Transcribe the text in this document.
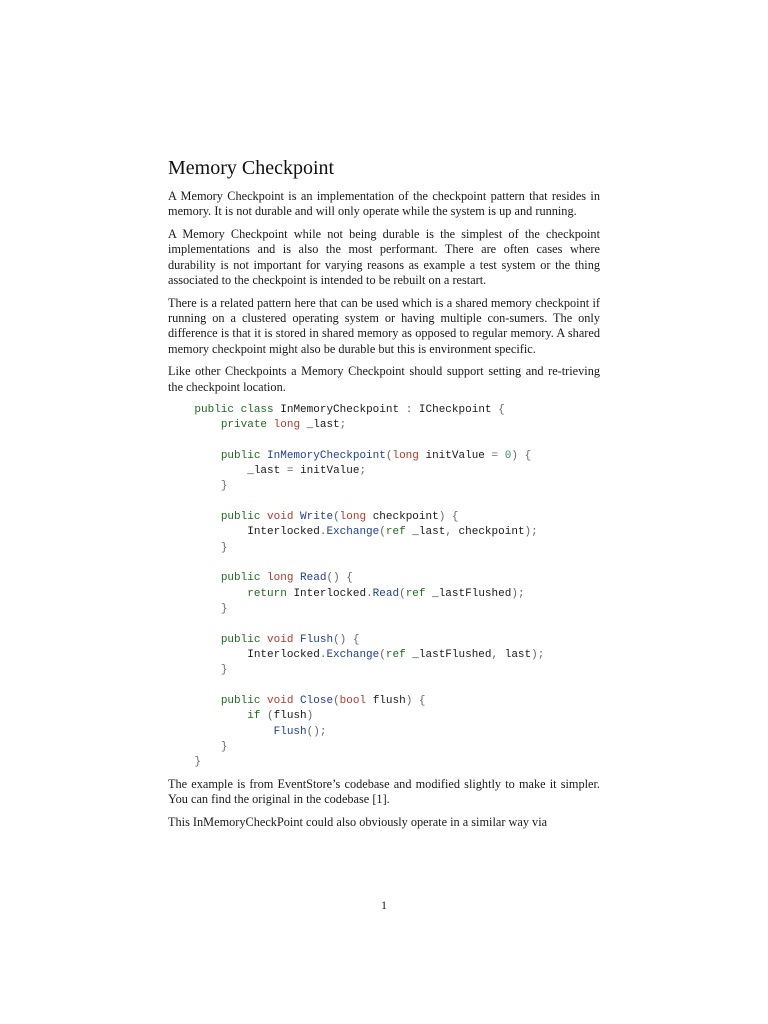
Memory Checkpoint

A Memory Checkpoint is an implementation of the checkpoint pattern that resides in memory. It is not durable and will only operate while the system is up and running.

A Memory Checkpoint while not being durable is the simplest of the checkpoint implementations and is also the most performant. There are often cases where durability is not important for varying reasons as example a test system or the thing associated to the checkpoint is intended to be rebuilt on a restart.

There is a related pattern here that can be used which is a shared memory checkpoint if running on a clustered operating system or having multiple con-sumers. The only difference is that it is stored in shared memory as opposed to regular memory. A shared memory checkpoint might also be durable but this is environment specific.

Like other Checkpoints a Memory Checkpoint should support setting and re-trieving the checkpoint location.

public class InMemoryCheckpoint : ICheckpoint {
private long _last;

public InMemoryCheckpoint(long initValue = 0) {
_last = initValue;
}

public void Write(long checkpoint) {
Interlocked.Exchange(ref _last, checkpoint);
}

public long Read() {
return Interlocked.Read(ref _lastFlushed);
}

public void Flush() {
Interlocked.Exchange(ref _lastFlushed, last);
}

public void Close(bool flush) {
if (flush)
Flush();
}
}

The example is from EventStore’s codebase and modified slightly to make it simpler. You can find the original in the codebase [1].

This InMemoryCheckPoint could also obviously operate in a similar way via

1
